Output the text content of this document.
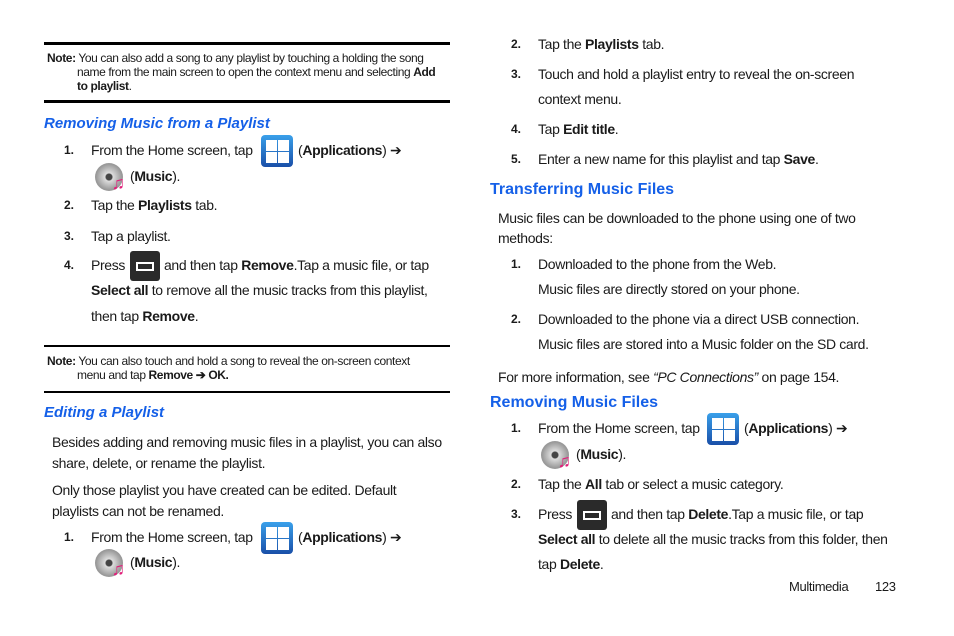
Note: You can also add a song to any playlist by touching a holding the song
name from the main screen to open the context menu and selecting Add
to playlist.
Removing Music from a Playlist
1. From the Home screen, tap	(Applications) ➔
♫ (Music).
2. Tap the Playlists tab.
3. Tap a playlist.
4. Press	and then tap Remove.Tap a music file, or tap
Select all to remove all the music tracks from this playlist,
then tap Remove.
Note: You can also touch and hold a song to reveal the on-screen context
menu and tap Remove ➔ OK.
Editing a Playlist
Besides adding and removing music files in a playlist, you can also
share, delete, or rename the playlist.
Only those playlist you have created can be edited. Default
playlists can not be renamed.
1. From the Home screen, tap	(Applications) ➔
♫ (Music).
2. Tap the Playlists tab.
3. Touch and hold a playlist entry to reveal the on-screen
context menu.
4. Tap Edit title.
5. Enter a new name for this playlist and tap Save.
Transferring Music Files
Music files can be downloaded to the phone using one of two
methods:
1. Downloaded to the phone from the Web.
Music files are directly stored on your phone.
2. Downloaded to the phone via a direct USB connection.
Music files are stored into a Music folder on the SD card.
For more information, see “PC Connections” on page 154.
Removing Music Files
1. From the Home screen, tap	(Applications) ➔
♫ (Music).
2. Tap the All tab or select a music category.
3. Press	and then tap Delete.Tap a music file, or tap
Select all to delete all the music tracks from this folder, then
tap Delete.
Multimedia 123
